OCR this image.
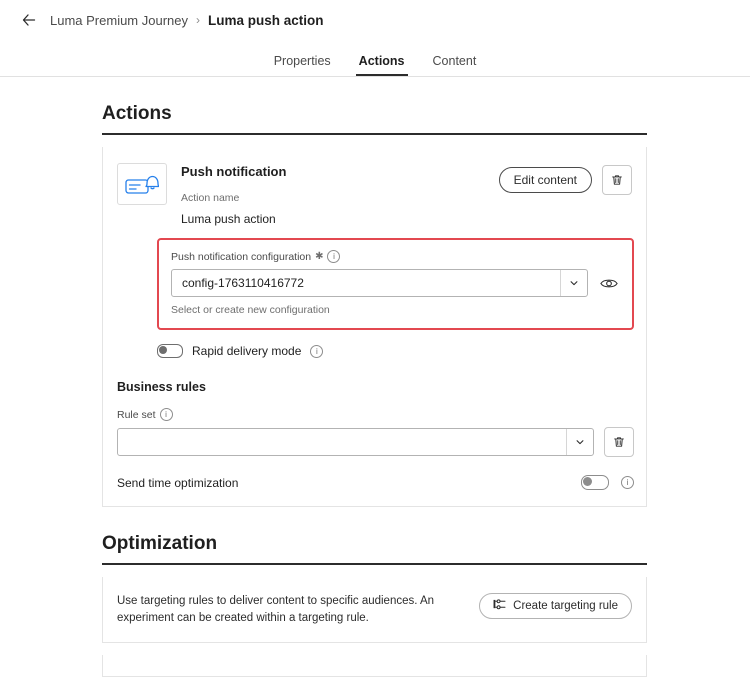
Luma Premium Journey › Luma push action
Properties Actions Content
Actions
Push notification
Action name
Luma push action
Edit content
Push notification configuration ✱	i
config-1763110416772
Select or create new configuration
Rapid delivery mode	i
Business rules
Rule set	i
Send time optimization	i
Optimization
Use targeting rules to deliver content to specific audiences. An experiment can be created within a targeting rule.
Create targeting rule
